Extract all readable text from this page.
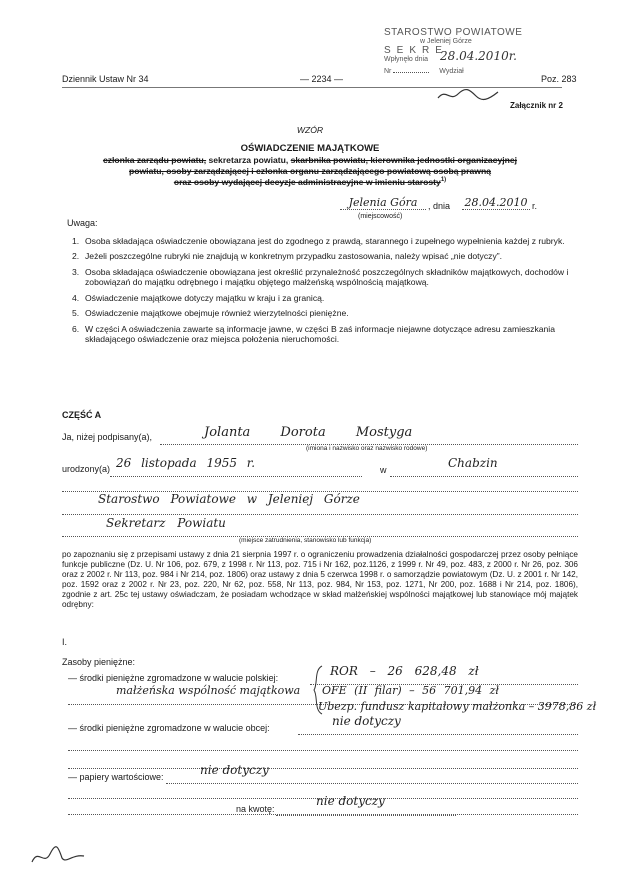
STAROSTWO POWIATOWE
w Jeleniej Górze
SEKRE
Wpłynęło dnia 28.04.2010r.
Nr	Wydział
Dziennik Ustaw Nr 34	— 2234 —	Poz. 283
Załącznik nr 2
WZÓR
OŚWIADCZENIE MAJĄTKOWE
członka zarządu powiatu, sekretarza powiatu, skarbnika powiatu, kierownika jednostki organizacyjnej
powiatu, osoby zarządzającej i członka organu zarządzającego powiatową osobą prawną
oraz osoby wydającej decyzje administracyjne w imieniu starosty$^{1)}$
Jelenia Góra	, dnia 28.04.2010 r.
(miejscowość)
Uwaga:
1. Osoba składająca oświadczenie obowiązana jest do zgodnego z prawdą, starannego i zupełnego wypełnienia każdej z rubryk.
2. Jeżeli poszczególne rubryki nie znajdują w konkretnym przypadku zastosowania, należy wpisać „nie dotyczy”.
3. Osoba składająca oświadczenie obowiązana jest określić przynależność poszczególnych składników majątkowych, dochodów i zobowiązań do majątku odrębnego i majątku objętego małżeńską wspólnością majątkową.
4. Oświadczenie majątkowe dotyczy majątku w kraju i za granicą.
5. Oświadczenie majątkowe obejmuje również wierzytelności pieniężne.
6. W części A oświadczenia zawarte są informacje jawne, w części B zaś informacje niejawne dotyczące adresu zamieszkania składającego oświadczenie oraz miejsca położenia nieruchomości.
CZĘŚĆ A
Ja, niżej podpisany(a),	Jolanta Dorota Mostyga
(imiona i nazwisko oraz nazwisko rodowe)
urodzony(a) 26 listopada 1955 r.	w	Chabzin
Starostwo Powiatowe w Jeleniej Górze
Sekretarz Powiatu
(miejsce zatrudnienia, stanowisko lub funkcja)
po zapoznaniu się z przepisami ustawy z dnia 21 sierpnia 1997 r. o ograniczeniu prowadzenia działalności gospodarczej przez osoby pełniące funkcje publiczne (Dz. U. Nr 106, poz. 679, z 1998 r. Nr 113, poz. 715 i Nr 162, poz.1126, z 1999 r. Nr 49, poz. 483, z 2000 r. Nr 26, poz. 306 oraz z 2002 r. Nr 113, poz. 984 i Nr 214, poz. 1806) oraz ustawy z dnia 5 czerwca 1998 r. o samorządzie powiatowym (Dz. U. z 2001 r. Nr 142, poz. 1592 oraz z 2002 r. Nr 23, poz. 220, Nr 62, poz. 558, Nr 113, poz. 984, Nr 153, poz. 1271, Nr 200, poz. 1688 i Nr 214, poz. 1806), zgodnie z art. 25c tej ustawy oświadczam, że posiadam wchodzące w skład małżeńskiej wspólności majątkowej lub stanowiące mój majątek odrębny:
I.
Zasoby pieniężne:
— środki pieniężne zgromadzone w walucie polskiej:	ROR – 26 628,48 zł
małżeńska wspólność majątkowa OFE (II filar) – 56 701,94 zł
Ubezp. fundusz kapitałowy małżonka – 3978,86 zł
— środki pieniężne zgromadzone w walucie obcej:	nie dotyczy
— papiery wartościowe:	nie dotyczy
na kwotę:
nie dotyczy
